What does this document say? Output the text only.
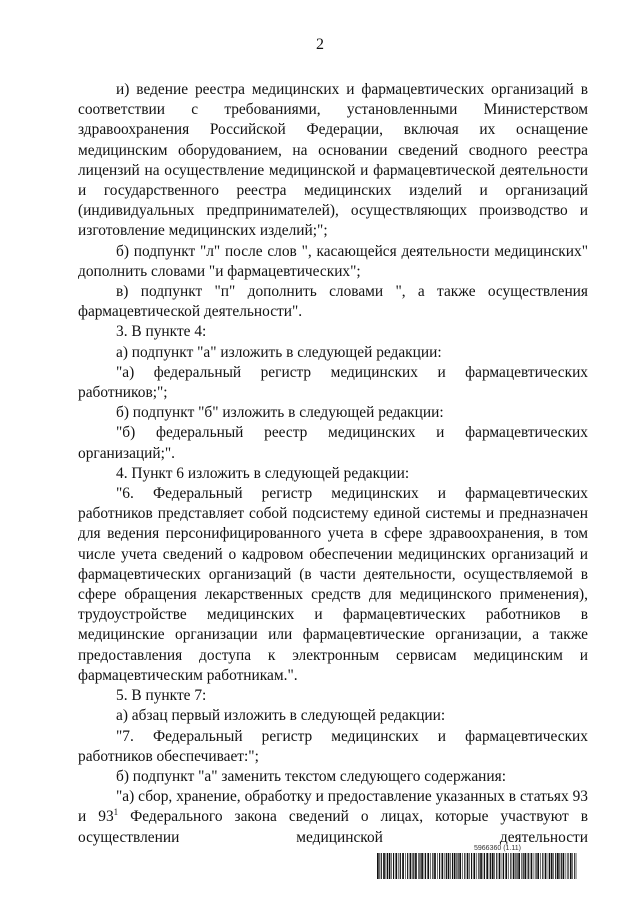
2

и) ведение реестра медицинских и фармацевтических организаций в соответствии с требованиями, установленными Министерством здравоохранения Российской Федерации, включая их оснащение медицинским оборудованием, на основании сведений сводного реестра лицензий на осуществление медицинской и фармацевтической деятельности и государственного реестра медицинских изделий и организаций (индивидуальных предпринимателей), осуществляющих производство и изготовление медицинских изделий;";

б) подпункт "л" после слов ", касающейся деятельности медицинских" дополнить словами "и фармацевтических";

в) подпункт "п" дополнить словами ", а также осуществления фармацевтической деятельности".

3. В пункте 4:

а) подпункт "а" изложить в следующей редакции:

"а) федеральный регистр медицинских и фармацевтических работников;";

б) подпункт "б" изложить в следующей редакции:

"б) федеральный реестр медицинских и фармацевтических организаций;".

4. Пункт 6 изложить в следующей редакции:

"6. Федеральный регистр медицинских и фармацевтических работников представляет собой подсистему единой системы и предназначен для ведения персонифицированного учета в сфере здравоохранения, в том числе учета сведений о кадровом обеспечении медицинских организаций и фармацевтических организаций (в части деятельности, осуществляемой в сфере обращения лекарственных средств для медицинского применения), трудоустройстве медицинских и фармацевтических работников в медицинские организации или фармацевтические организации, а также предоставления доступа к электронным сервисам медицинским и фармацевтическим работникам.".

5. В пункте 7:

а) абзац первый изложить в следующей редакции:

"7. Федеральный регистр медицинских и фармацевтических работников обеспечивает:";

б) подпункт "а" заменить текстом следующего содержания:

"а) сбор, хранение, обработку и предоставление указанных в статьях 93 и $93^1$ Федерального закона сведений о лицах, которые участвуют в осуществлении медицинской деятельности

5966360 (1.11)
